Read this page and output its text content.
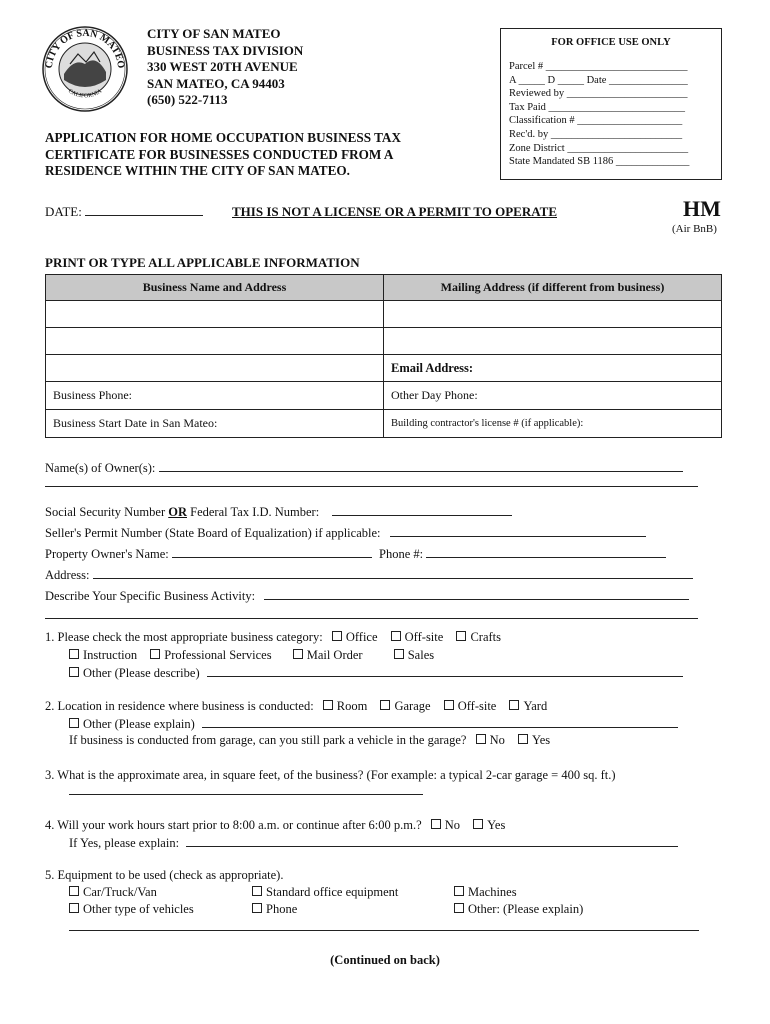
CITY OF SAN MATEO
CALIFORNIA
CITY OF SAN MATEO
BUSINESS TAX DIVISION
330 WEST 20TH AVENUE
SAN MATEO, CA 94403
(650) 522-7113
APPLICATION FOR HOME OCCUPATION BUSINESS TAX
CERTIFICATE FOR BUSINESSES CONDUCTED FROM A
RESIDENCE WITHIN THE CITY OF SAN MATEO.
FOR OFFICE USE ONLY
Parcel # ___________________________
A _____ D _____ Date _______________
Reviewed by _______________________
Tax Paid __________________________
Classification # ____________________
Rec'd. by _________________________
Zone District _______________________
State Mandated SB 1186 ______________
DATE:	THIS IS NOT A LICENSE OR A PERMIT TO OPERATE	HM
(Air BnB)
PRINT OR TYPE ALL APPLICABLE INFORMATION
Business Name and Address	Mailing Address (if different from business)

	Email Address:
Business Phone:	Other Day Phone:
Business Start Date in San Mateo:	Building contractor's license # (if applicable):
Name(s) of Owner(s):
Social Security Number OR Federal Tax I.D. Number:
Seller's Permit Number (State Board of Equalization) if applicable:
Property Owner's Name:	Phone #:
Address:
Describe Your Specific Business Activity:
1. Please check the most appropriate business category: Office Off-site Crafts
Instruction Professional Services	Mail Order	Sales
Other (Please describe)
2. Location in residence where business is conducted: Room Garage Off-site Yard
Other (Please explain)
If business is conducted from garage, can you still park a vehicle in the garage? No Yes
3. What is the approximate area, in square feet, of the business? (For example: a typical 2-car garage = 400 sq. ft.)
4. Will your work hours start prior to 8:00 a.m. or continue after 6:00 p.m.? No Yes
If Yes, please explain:
5. Equipment to be used (check as appropriate).
Car/Truck/Van
Other type of vehicles
Standard office equipment
Phone
Machines
Other: (Please explain)
(Continued on back)
